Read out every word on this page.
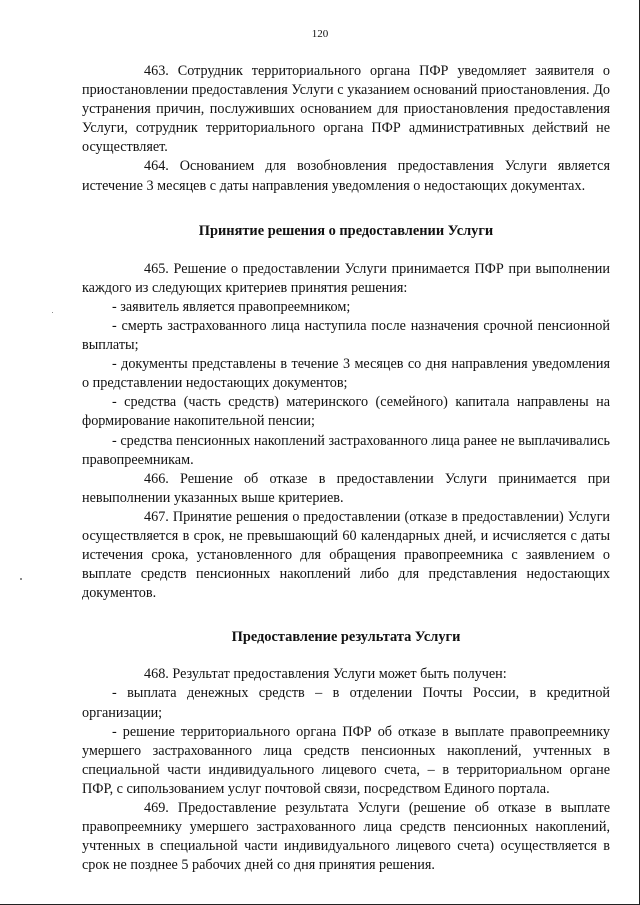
120

463. Сотрудник территориального органа ПФР уведомляет заявителя о приостановлении предоставления Услуги с указанием оснований приостановления. До устранения причин, послуживших основанием для приостановления предоставления Услуги, сотрудник территориального органа ПФР административных действий не осуществляет.

464. Основанием для возобновления предоставления Услуги является истечение 3 месяцев с даты направления уведомления о недостающих документах.

Принятие решения о предоставлении Услуги

465. Решение о предоставлении Услуги принимается ПФР при выполнении каждого из следующих критериев принятия решения:

- заявитель является правопреемником;

- смерть застрахованного лица наступила после назначения срочной пенсионной выплаты;

- документы представлены в течение 3 месяцев со дня направления уведомления о представлении недостающих документов;

- средства (часть средств) материнского (семейного) капитала направлены на формирование накопительной пенсии;

- средства пенсионных накоплений застрахованного лица ранее не выплачивались правопреемникам.

466. Решение об отказе в предоставлении Услуги принимается при невыполнении указанных выше критериев.

467. Принятие решения о предоставлении (отказе в предоставлении) Услуги осуществляется в срок, не превышающий 60 календарных дней, и исчисляется с даты истечения срока, установленного для обращения правопреемника с заявлением о выплате средств пенсионных накоплений либо для представления недостающих документов.

Предоставление результата Услуги

468. Результат предоставления Услуги может быть получен:

- выплата денежных средств – в отделении Почты России, в кредитной организации;

- решение территориального органа ПФР об отказе в выплате правопреемнику умершего застрахованного лица средств пенсионных накоплений, учтенных в специальной части индивидуального лицевого счета, – в территориальном органе ПФР, с сипользованием услуг почтовой связи, посредством Единого портала.

469. Предоставление результата Услуги (решение об отказе в выплате правопреемнику умершего застрахованного лица средств пенсионных накоплений, учтенных в специальной части индивидуального лицевого счета) осуществляется в срок не позднее 5 рабочих дней со дня принятия решения.
